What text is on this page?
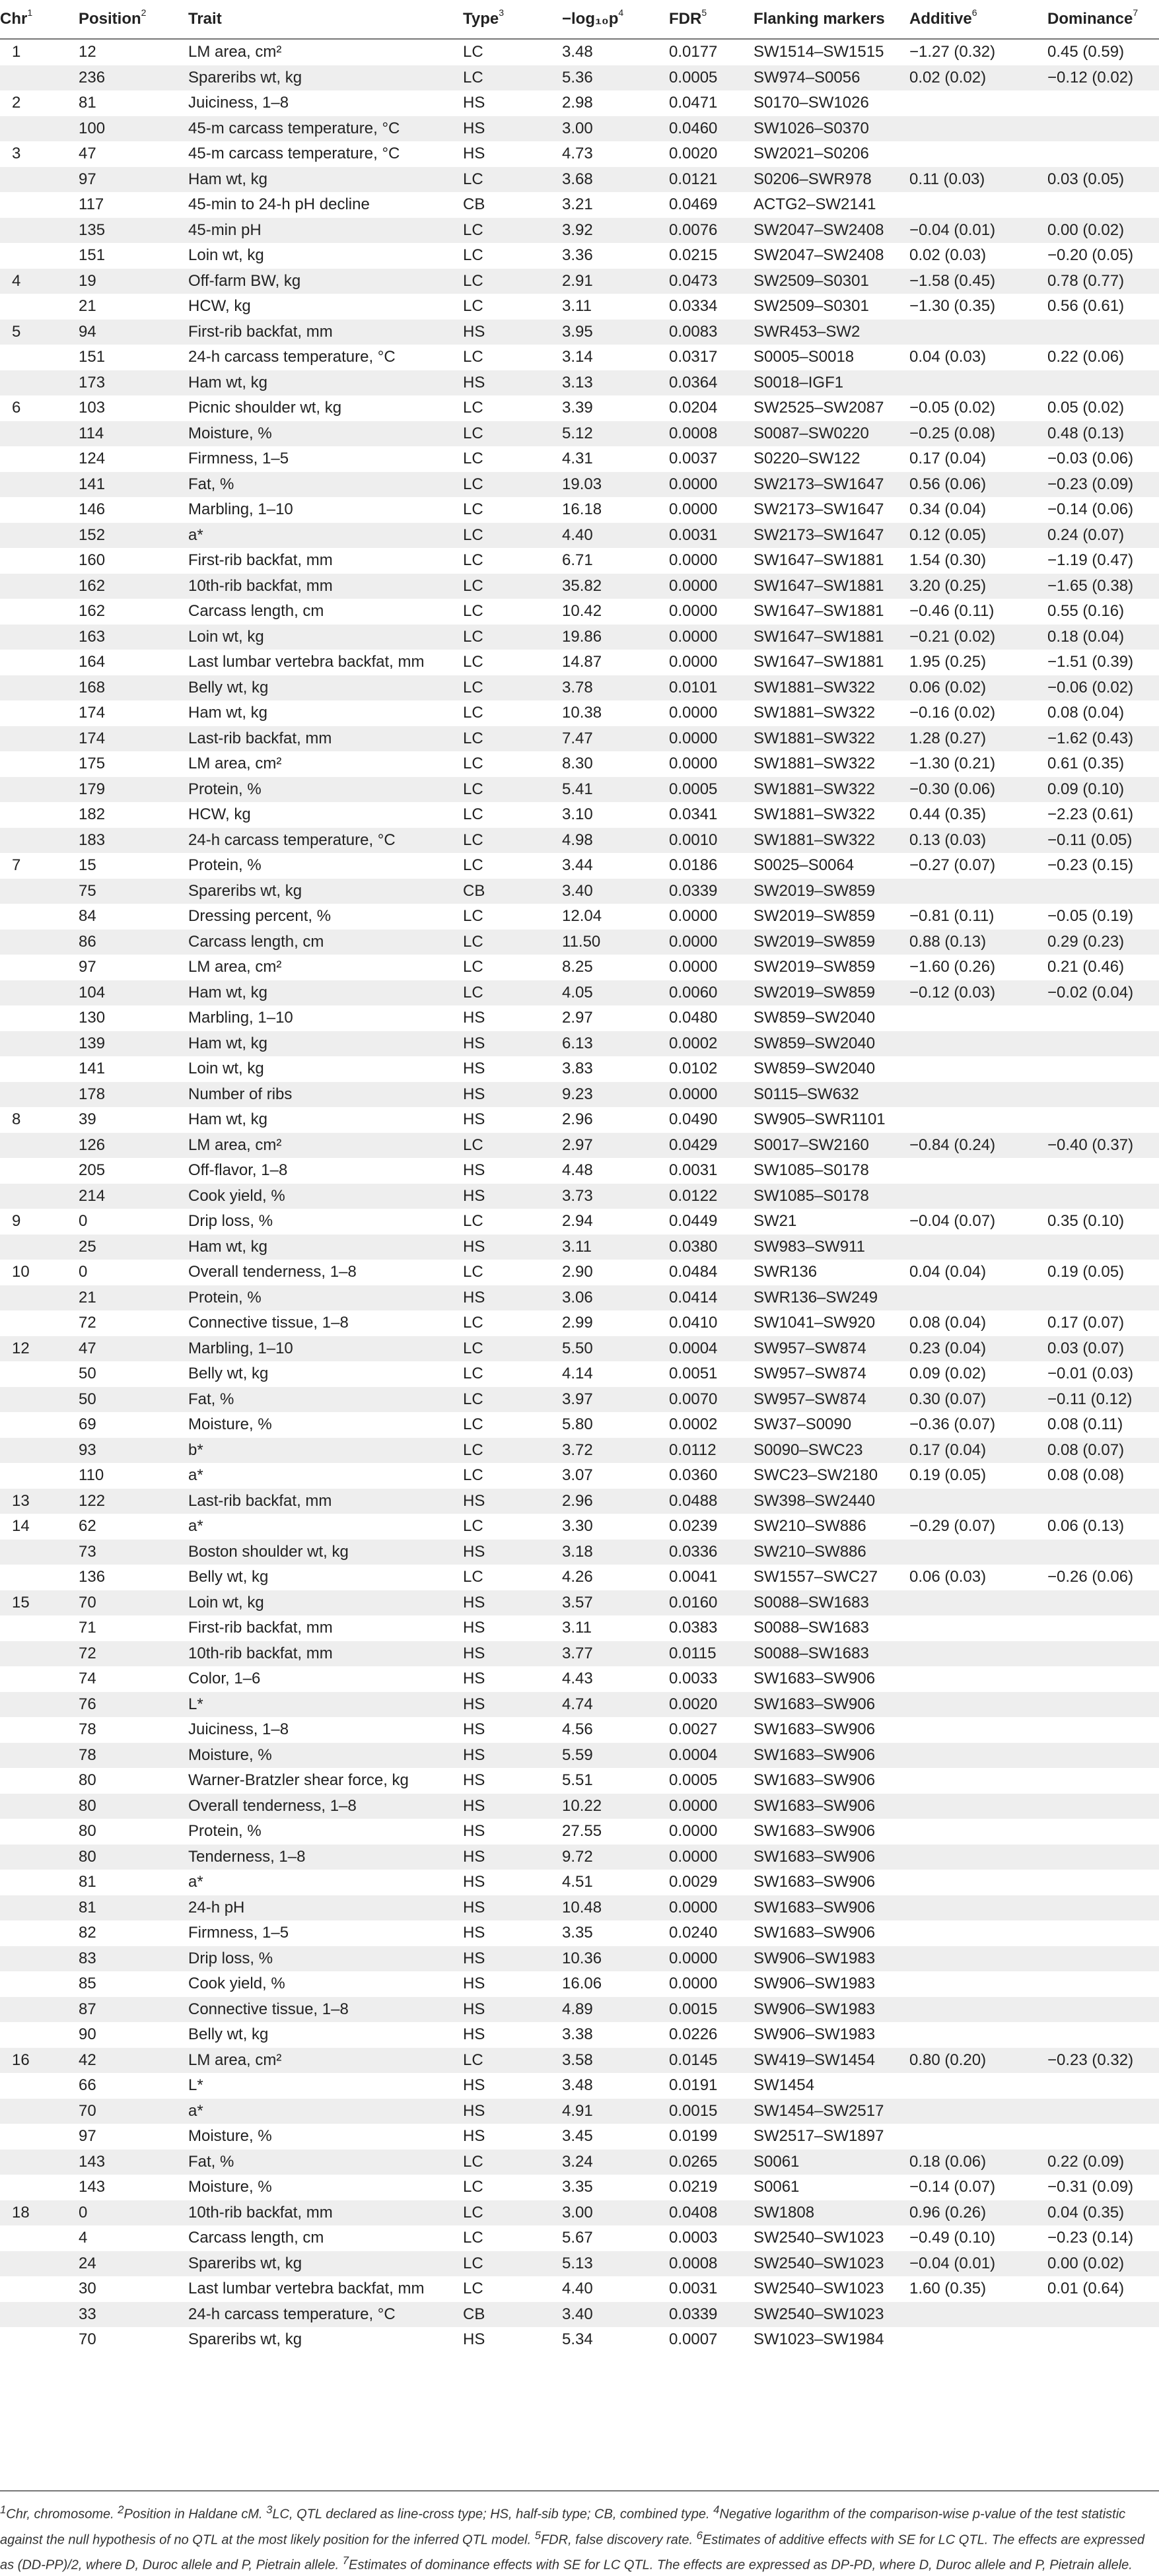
Chr$^1$	Position$^2$	Trait	Type$^3$	$-\log_{10}p^4$	FDR$^5$	Flanking markers	Additive$^6$	Dominance$^7$
1	12	LM area, cm²	LC	3.48	0.0177	SW1514–SW1515	−1.27 (0.32)	0.45 (0.59)
	236	Spareribs wt, kg	LC	5.36	0.0005	SW974–S0056	0.02 (0.02)	−0.12 (0.02)
2	81	Juiciness, 1–8	HS	2.98	0.0471	S0170–SW1026		
	100	45-m carcass temperature, °C	HS	3.00	0.0460	SW1026–S0370		
3	47	45-m carcass temperature, °C	HS	4.73	0.0020	SW2021–S0206		
	97	Ham wt, kg	LC	3.68	0.0121	S0206–SWR978	0.11 (0.03)	0.03 (0.05)
	117	45-min to 24-h pH decline	CB	3.21	0.0469	ACTG2–SW2141		
	135	45-min pH	LC	3.92	0.0076	SW2047–SW2408	−0.04 (0.01)	0.00 (0.02)
	151	Loin wt, kg	LC	3.36	0.0215	SW2047–SW2408	0.02 (0.03)	−0.20 (0.05)
4	19	Off-farm BW, kg	LC	2.91	0.0473	SW2509–S0301	−1.58 (0.45)	0.78 (0.77)
	21	HCW, kg	LC	3.11	0.0334	SW2509–S0301	−1.30 (0.35)	0.56 (0.61)
5	94	First-rib backfat, mm	HS	3.95	0.0083	SWR453–SW2		
	151	24-h carcass temperature, °C	LC	3.14	0.0317	S0005–S0018	0.04 (0.03)	0.22 (0.06)
	173	Ham wt, kg	HS	3.13	0.0364	S0018–IGF1		
6	103	Picnic shoulder wt, kg	LC	3.39	0.0204	SW2525–SW2087	−0.05 (0.02)	0.05 (0.02)
	114	Moisture, %	LC	5.12	0.0008	S0087–SW0220	−0.25 (0.08)	0.48 (0.13)
	124	Firmness, 1–5	LC	4.31	0.0037	S0220–SW122	0.17 (0.04)	−0.03 (0.06)
	141	Fat, %	LC	19.03	0.0000	SW2173–SW1647	0.56 (0.06)	−0.23 (0.09)
	146	Marbling, 1–10	LC	16.18	0.0000	SW2173–SW1647	0.34 (0.04)	−0.14 (0.06)
	152	a*	LC	4.40	0.0031	SW2173–SW1647	0.12 (0.05)	0.24 (0.07)
	160	First-rib backfat, mm	LC	6.71	0.0000	SW1647–SW1881	1.54 (0.30)	−1.19 (0.47)
	162	10th-rib backfat, mm	LC	35.82	0.0000	SW1647–SW1881	3.20 (0.25)	−1.65 (0.38)
	162	Carcass length, cm	LC	10.42	0.0000	SW1647–SW1881	−0.46 (0.11)	0.55 (0.16)
	163	Loin wt, kg	LC	19.86	0.0000	SW1647–SW1881	−0.21 (0.02)	0.18 (0.04)
	164	Last lumbar vertebra backfat, mm	LC	14.87	0.0000	SW1647–SW1881	1.95 (0.25)	−1.51 (0.39)
	168	Belly wt, kg	LC	3.78	0.0101	SW1881–SW322	0.06 (0.02)	−0.06 (0.02)
	174	Ham wt, kg	LC	10.38	0.0000	SW1881–SW322	−0.16 (0.02)	0.08 (0.04)
	174	Last-rib backfat, mm	LC	7.47	0.0000	SW1881–SW322	1.28 (0.27)	−1.62 (0.43)
	175	LM area, cm²	LC	8.30	0.0000	SW1881–SW322	−1.30 (0.21)	0.61 (0.35)
	179	Protein, %	LC	5.41	0.0005	SW1881–SW322	−0.30 (0.06)	0.09 (0.10)
	182	HCW, kg	LC	3.10	0.0341	SW1881–SW322	0.44 (0.35)	−2.23 (0.61)
	183	24-h carcass temperature, °C	LC	4.98	0.0010	SW1881–SW322	0.13 (0.03)	−0.11 (0.05)
7	15	Protein, %	LC	3.44	0.0186	S0025–S0064	−0.27 (0.07)	−0.23 (0.15)
	75	Spareribs wt, kg	CB	3.40	0.0339	SW2019–SW859		
	84	Dressing percent, %	LC	12.04	0.0000	SW2019–SW859	−0.81 (0.11)	−0.05 (0.19)
	86	Carcass length, cm	LC	11.50	0.0000	SW2019–SW859	0.88 (0.13)	0.29 (0.23)
	97	LM area, cm²	LC	8.25	0.0000	SW2019–SW859	−1.60 (0.26)	0.21 (0.46)
	104	Ham wt, kg	LC	4.05	0.0060	SW2019–SW859	−0.12 (0.03)	−0.02 (0.04)
	130	Marbling, 1–10	HS	2.97	0.0480	SW859–SW2040		
	139	Ham wt, kg	HS	6.13	0.0002	SW859–SW2040		
	141	Loin wt, kg	HS	3.83	0.0102	SW859–SW2040		
	178	Number of ribs	HS	9.23	0.0000	S0115–SW632		
8	39	Ham wt, kg	HS	2.96	0.0490	SW905–SWR1101		
	126	LM area, cm²	LC	2.97	0.0429	S0017–SW2160	−0.84 (0.24)	−0.40 (0.37)
	205	Off-flavor, 1–8	HS	4.48	0.0031	SW1085–S0178		
	214	Cook yield, %	HS	3.73	0.0122	SW1085–S0178		
9	0	Drip loss, %	LC	2.94	0.0449	SW21	−0.04 (0.07)	0.35 (0.10)
	25	Ham wt, kg	HS	3.11	0.0380	SW983–SW911		
10	0	Overall tenderness, 1–8	LC	2.90	0.0484	SWR136	0.04 (0.04)	0.19 (0.05)
	21	Protein, %	HS	3.06	0.0414	SWR136–SW249		
	72	Connective tissue, 1–8	LC	2.99	0.0410	SW1041–SW920	0.08 (0.04)	0.17 (0.07)
12	47	Marbling, 1–10	LC	5.50	0.0004	SW957–SW874	0.23 (0.04)	0.03 (0.07)
	50	Belly wt, kg	LC	4.14	0.0051	SW957–SW874	0.09 (0.02)	−0.01 (0.03)
	50	Fat, %	LC	3.97	0.0070	SW957–SW874	0.30 (0.07)	−0.11 (0.12)
	69	Moisture, %	LC	5.80	0.0002	SW37–S0090	−0.36 (0.07)	0.08 (0.11)
	93	b*	LC	3.72	0.0112	S0090–SWC23	0.17 (0.04)	0.08 (0.07)
	110	a*	LC	3.07	0.0360	SWC23–SW2180	0.19 (0.05)	0.08 (0.08)
13	122	Last-rib backfat, mm	HS	2.96	0.0488	SW398–SW2440		
14	62	a*	LC	3.30	0.0239	SW210–SW886	−0.29 (0.07)	0.06 (0.13)
	73	Boston shoulder wt, kg	HS	3.18	0.0336	SW210–SW886		
	136	Belly wt, kg	LC	4.26	0.0041	SW1557–SWC27	0.06 (0.03)	−0.26 (0.06)
15	70	Loin wt, kg	HS	3.57	0.0160	S0088–SW1683		
	71	First-rib backfat, mm	HS	3.11	0.0383	S0088–SW1683		
	72	10th-rib backfat, mm	HS	3.77	0.0115	S0088–SW1683		
	74	Color, 1–6	HS	4.43	0.0033	SW1683–SW906		
	76	L*	HS	4.74	0.0020	SW1683–SW906		
	78	Juiciness, 1–8	HS	4.56	0.0027	SW1683–SW906		
	78	Moisture, %	HS	5.59	0.0004	SW1683–SW906		
	80	Warner-Bratzler shear force, kg	HS	5.51	0.0005	SW1683–SW906		
	80	Overall tenderness, 1–8	HS	10.22	0.0000	SW1683–SW906		
	80	Protein, %	HS	27.55	0.0000	SW1683–SW906		
	80	Tenderness, 1–8	HS	9.72	0.0000	SW1683–SW906		
	81	a*	HS	4.51	0.0029	SW1683–SW906		
	81	24-h pH	HS	10.48	0.0000	SW1683–SW906		
	82	Firmness, 1–5	HS	3.35	0.0240	SW1683–SW906		
	83	Drip loss, %	HS	10.36	0.0000	SW906–SW1983		
	85	Cook yield, %	HS	16.06	0.0000	SW906–SW1983		
	87	Connective tissue, 1–8	HS	4.89	0.0015	SW906–SW1983		
	90	Belly wt, kg	HS	3.38	0.0226	SW906–SW1983		
16	42	LM area, cm²	LC	3.58	0.0145	SW419–SW1454	0.80 (0.20)	−0.23 (0.32)
	66	L*	HS	3.48	0.0191	SW1454		
	70	a*	HS	4.91	0.0015	SW1454–SW2517		
	97	Moisture, %	HS	3.45	0.0199	SW2517–SW1897		
	143	Fat, %	LC	3.24	0.0265	S0061	0.18 (0.06)	0.22 (0.09)
	143	Moisture, %	LC	3.35	0.0219	S0061	−0.14 (0.07)	−0.31 (0.09)
18	0	10th-rib backfat, mm	LC	3.00	0.0408	SW1808	0.96 (0.26)	0.04 (0.35)
	4	Carcass length, cm	LC	5.67	0.0003	SW2540–SW1023	−0.49 (0.10)	−0.23 (0.14)
	24	Spareribs wt, kg	LC	5.13	0.0008	SW2540–SW1023	−0.04 (0.01)	0.00 (0.02)
	30	Last lumbar vertebra backfat, mm	LC	4.40	0.0031	SW2540–SW1023	1.60 (0.35)	0.01 (0.64)
	33	24-h carcass temperature, °C	CB	3.40	0.0339	SW2540–SW1023		
	70	Spareribs wt, kg	HS	5.34	0.0007	SW1023–SW1984		
$^1$Chr, chromosome. $^2$Position in Haldane cM. $^3$LC, QTL declared as line-cross type; HS, half-sib type; CB, combined type. $^4$Negative logarithm of the comparison-wise p-value of the test statistic against the null hypothesis of no QTL at the most likely position for the inferred QTL model. $^5$FDR, false discovery rate. $^6$Estimates of additive effects with SE for LC QTL. The effects are expressed as (DD-PP)/2, where D, Duroc allele and P, Pietrain allele. $^7$Estimates of dominance effects with SE for LC QTL. The effects are expressed as DP-PD, where D, Duroc allele and P, Pietrain allele.
